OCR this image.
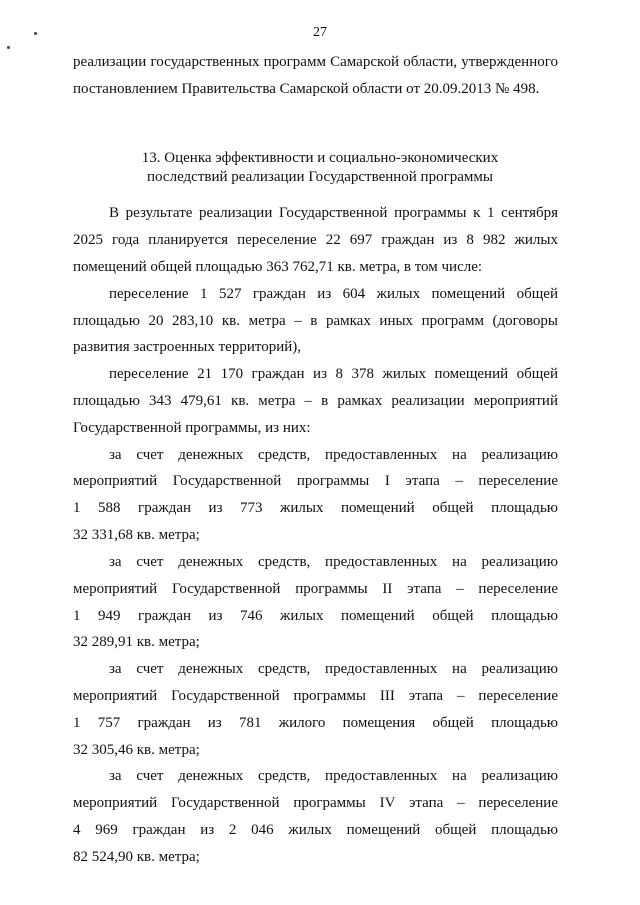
27
реализации государственных программ Самарской области, утвержденного
постановлением Правительства Самарской области от 20.09.2013 № 498.
13. Оценка эффективности и социально-экономических
последствий реализации Государственной программы
В результате реализации Государственной программы к 1 сентября
2025 года планируется переселение 22 697 граждан из 8 982 жилых
помещений общей площадью 363 762,71 кв. метра, в том числе:
переселение 1 527 граждан из 604 жилых помещений общей
площадью 20 283,10 кв. метра – в рамках иных программ (договоры
развития застроенных территорий),
переселение 21 170 граждан из 8 378 жилых помещений общей
площадью 343 479,61 кв. метра – в рамках реализации мероприятий
Государственной программы, из них:
за счет денежных средств, предоставленных на реализацию
мероприятий Государственной программы I этапа – переселение
1 588 граждан из 773 жилых помещений общей площадью
32 331,68 кв. метра;
за счет денежных средств, предоставленных на реализацию
мероприятий Государственной программы II этапа – переселение
1 949 граждан из 746 жилых помещений общей площадью
32 289,91 кв. метра;
за счет денежных средств, предоставленных на реализацию
мероприятий Государственной программы III этапа – переселение
1 757 граждан из 781 жилого помещения общей площадью
32 305,46 кв. метра;
за счет денежных средств, предоставленных на реализацию
мероприятий Государственной программы IV этапа – переселение
4 969 граждан из 2 046 жилых помещений общей площадью
82 524,90 кв. метра;
